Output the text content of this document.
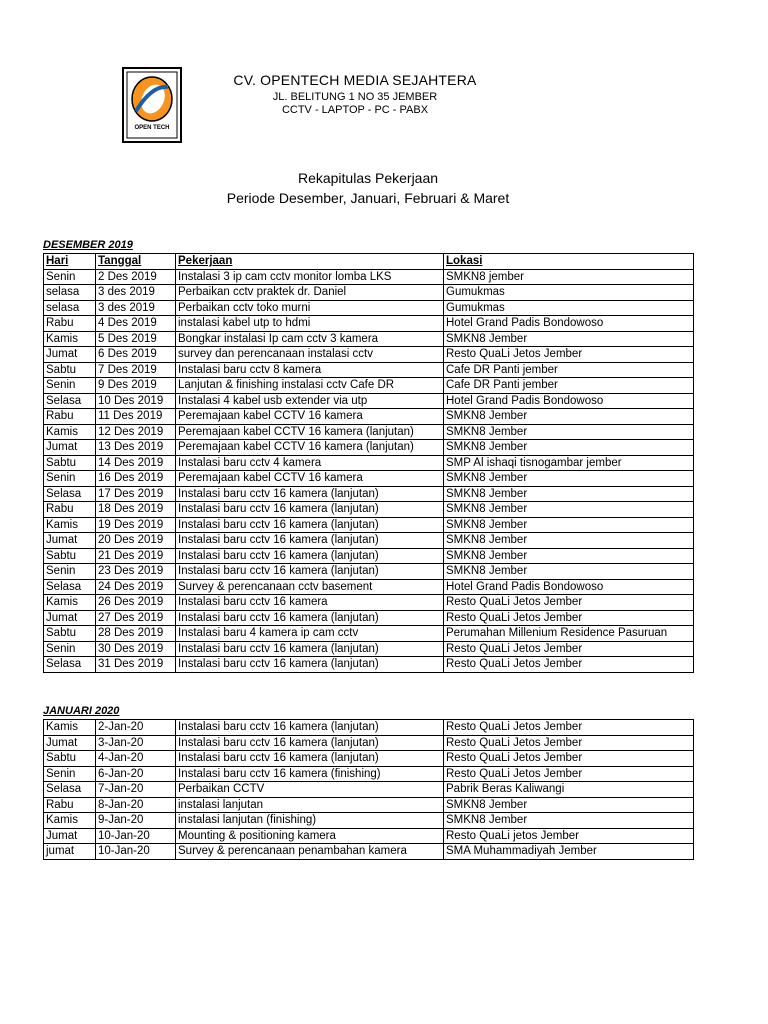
OPEN TECH
CV. OPENTECH MEDIA SEJAHTERA
JL. BELITUNG 1 NO 35 JEMBER
CCTV - LAPTOP - PC - PABX
Rekapitulas Pekerjaan
Periode Desember, Januari, Februari & Maret
DESEMBER 2019
Hari	Tanggal	Pekerjaan	Lokasi
Senin	2 Des 2019	Instalasi 3 ip cam cctv monitor lomba LKS	SMKN8 jember
selasa	3 des 2019	Perbaikan cctv praktek dr. Daniel	Gumukmas
selasa	3 des 2019	Perbaikan cctv toko murni	Gumukmas
Rabu	4 Des 2019	instalasi kabel utp to hdmi	Hotel Grand Padis Bondowoso
Kamis	5 Des 2019	Bongkar instalasi Ip cam cctv 3 kamera	SMKN8 Jember
Jumat	6 Des 2019	survey dan perencanaan instalasi cctv	Resto QuaLi Jetos Jember
Sabtu	7 Des 2019	Instalasi baru cctv 8 kamera	Cafe DR Panti jember
Senin	9 Des 2019	Lanjutan & finishing instalasi cctv Cafe DR	Cafe DR Panti jember
Selasa	10 Des 2019	Instalasi 4 kabel usb extender via utp	Hotel Grand Padis Bondowoso
Rabu	11 Des 2019	Peremajaan kabel CCTV 16 kamera	SMKN8 Jember
Kamis	12 Des 2019	Peremajaan kabel CCTV 16 kamera (lanjutan)	SMKN8 Jember
Jumat	13 Des 2019	Peremajaan kabel CCTV 16 kamera (lanjutan)	SMKN8 Jember
Sabtu	14 Des 2019	Instalasi baru cctv 4 kamera	SMP Al ishaqi tisnogambar jember
Senin	16 Des 2019	Peremajaan kabel CCTV 16 kamera	SMKN8 Jember
Selasa	17 Des 2019	Instalasi baru cctv 16 kamera (lanjutan)	SMKN8 Jember
Rabu	18 Des 2019	Instalasi baru cctv 16 kamera (lanjutan)	SMKN8 Jember
Kamis	19 Des 2019	Instalasi baru cctv 16 kamera (lanjutan)	SMKN8 Jember
Jumat	20 Des 2019	Instalasi baru cctv 16 kamera (lanjutan)	SMKN8 Jember
Sabtu	21 Des 2019	Instalasi baru cctv 16 kamera (lanjutan)	SMKN8 Jember
Senin	23 Des 2019	Instalasi baru cctv 16 kamera (lanjutan)	SMKN8 Jember
Selasa	24 Des 2019	Survey & perencanaan cctv basement	Hotel Grand Padis Bondowoso
Kamis	26 Des 2019	Instalasi baru cctv 16 kamera	Resto QuaLi Jetos Jember
Jumat	27 Des 2019	Instalasi baru cctv 16 kamera (lanjutan)	Resto QuaLi Jetos Jember
Sabtu	28 Des 2019	Instalasi baru 4 kamera ip cam cctv	Perumahan Millenium Residence Pasuruan
Senin	30 Des 2019	Instalasi baru cctv 16 kamera (lanjutan)	Resto QuaLi Jetos Jember
Selasa	31 Des 2019	Instalasi baru cctv 16 kamera (lanjutan)	Resto QuaLi Jetos Jember
JANUARI 2020
Kamis	2-Jan-20	Instalasi baru cctv 16 kamera (lanjutan)	Resto QuaLi Jetos Jember
Jumat	3-Jan-20	Instalasi baru cctv 16 kamera (lanjutan)	Resto QuaLi Jetos Jember
Sabtu	4-Jan-20	Instalasi baru cctv 16 kamera (lanjutan)	Resto QuaLi Jetos Jember
Senin	6-Jan-20	Instalasi baru cctv 16 kamera (finishing)	Resto QuaLi Jetos Jember
Selasa	7-Jan-20	Perbaikan CCTV	Pabrik Beras Kaliwangi
Rabu	8-Jan-20	instalasi lanjutan	SMKN8 Jember
Kamis	9-Jan-20	instalasi lanjutan (finishing)	SMKN8 Jember
Jumat	10-Jan-20	Mounting & positioning kamera	Resto QuaLi jetos Jember
jumat	10-Jan-20	Survey & perencanaan penambahan kamera	SMA Muhammadiyah Jember
